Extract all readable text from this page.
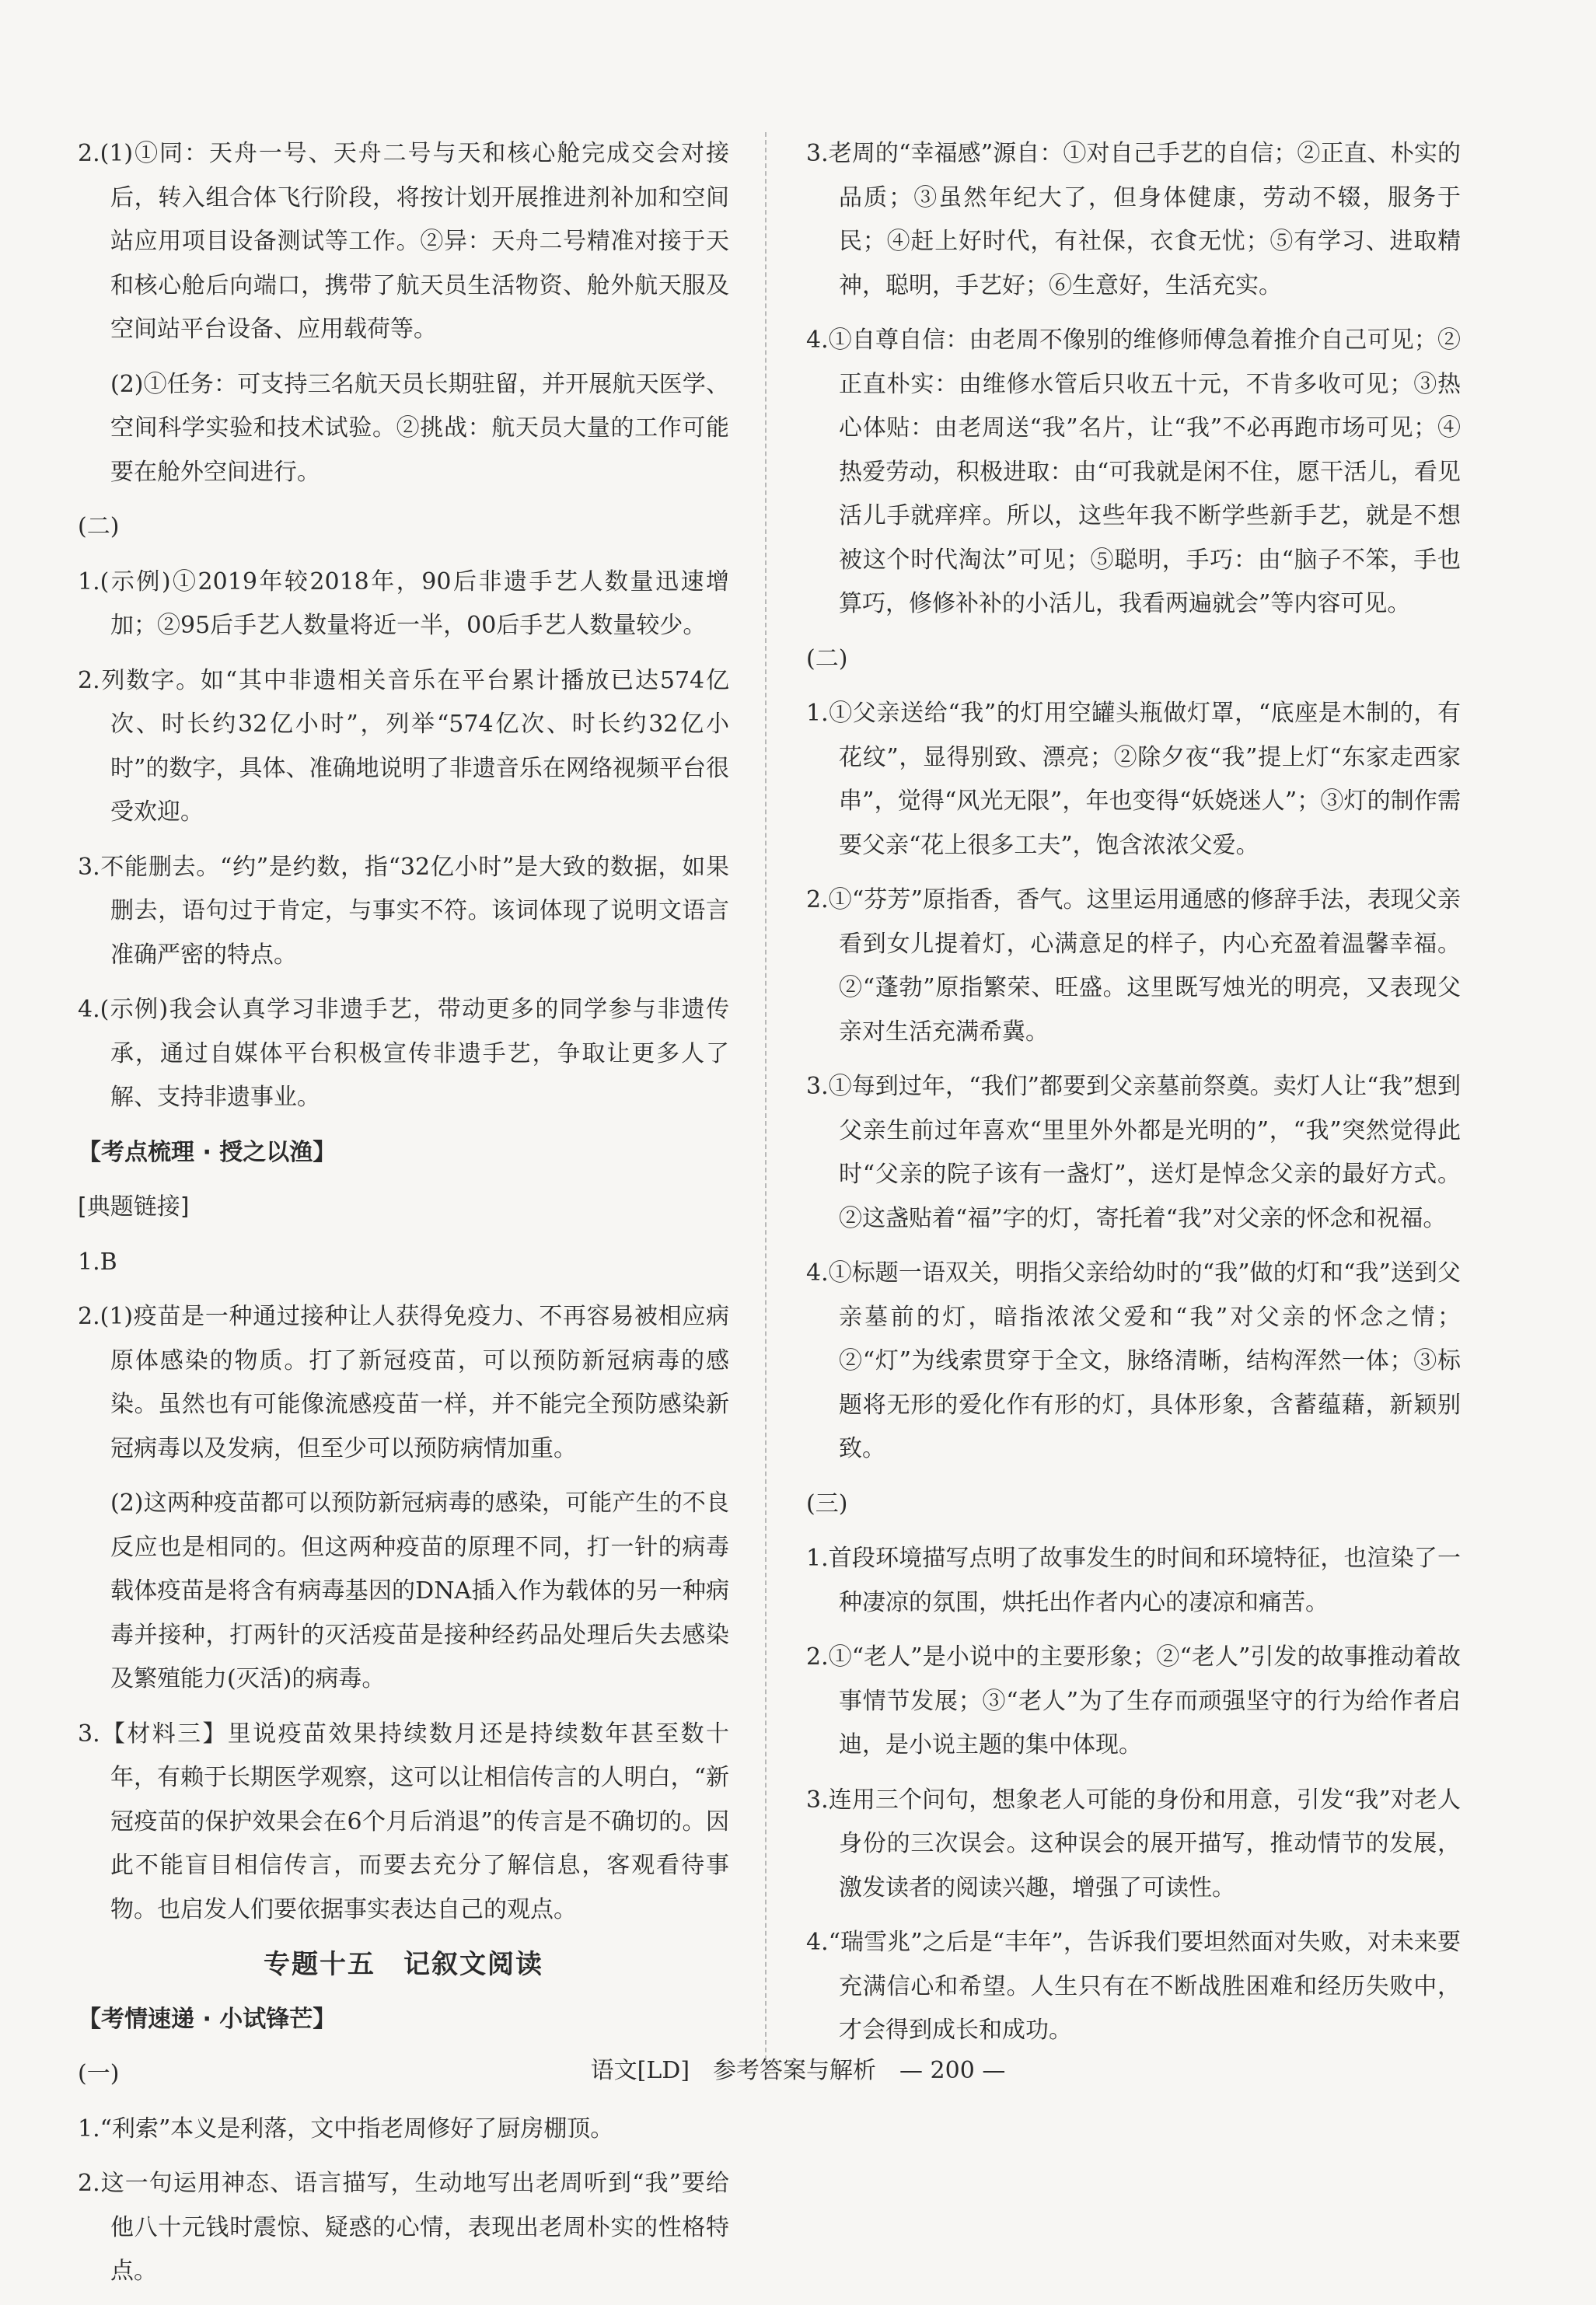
2.(1)①同：天舟一号、天舟二号与天和核心舱完成交会对接后，转入组合体飞行阶段，将按计划开展推进剂补加和空间站应用项目设备测试等工作。②异：天舟二号精准对接于天和核心舱后向端口，携带了航天员生活物资、舱外航天服及空间站平台设备、应用载荷等。

(2)①任务：可支持三名航天员长期驻留，并开展航天医学、空间科学实验和技术试验。②挑战：航天员大量的工作可能要在舱外空间进行。

(二)

1.(示例)①2019年较2018年，90后非遗手艺人数量迅速增加；②95后手艺人数量将近一半，00后手艺人数量较少。

2.列数字。如“其中非遗相关音乐在平台累计播放已达574亿次、时长约32亿小时”，列举“574亿次、时长约32亿小时”的数字，具体、准确地说明了非遗音乐在网络视频平台很受欢迎。

3.不能删去。“约”是约数，指“32亿小时”是大致的数据，如果删去，语句过于肯定，与事实不符。该词体现了说明文语言准确严密的特点。

4.(示例)我会认真学习非遗手艺，带动更多的同学参与非遗传承，通过自媒体平台积极宣传非遗手艺，争取让更多人了解、支持非遗事业。

【考点梳理 · 授之以渔】

[典题链接]

1.B

2.(1)疫苗是一种通过接种让人获得免疫力、不再容易被相应病原体感染的物质。打了新冠疫苗，可以预防新冠病毒的感染。虽然也有可能像流感疫苗一样，并不能完全预防感染新冠病毒以及发病，但至少可以预防病情加重。

(2)这两种疫苗都可以预防新冠病毒的感染，可能产生的不良反应也是相同的。但这两种疫苗的原理不同，打一针的病毒载体疫苗是将含有病毒基因的DNA插入作为载体的另一种病毒并接种，打两针的灭活疫苗是接种经药品处理后失去感染及繁殖能力(灭活)的病毒。

3.【材料三】里说疫苗效果持续数月还是持续数年甚至数十年，有赖于长期医学观察，这可以让相信传言的人明白，“新冠疫苗的保护效果会在6个月后消退”的传言是不确切的。因此不能盲目相信传言，而要去充分了解信息，客观看待事物。也启发人们要依据事实表达自己的观点。

专题十五　记叙文阅读

【考情速递 · 小试锋芒】

(一)

1.“利索”本义是利落，文中指老周修好了厨房棚顶。

2.这一句运用神态、语言描写，生动地写出老周听到“我”要给他八十元钱时震惊、疑惑的心情，表现出老周朴实的性格特点。

3.老周的“幸福感”源自：①对自己手艺的自信；②正直、朴实的品质；③虽然年纪大了，但身体健康，劳动不辍，服务于民；④赶上好时代，有社保，衣食无忧；⑤有学习、进取精神，聪明，手艺好；⑥生意好，生活充实。

4.①自尊自信：由老周不像别的维修师傅急着推介自己可见；②正直朴实：由维修水管后只收五十元，不肯多收可见；③热心体贴：由老周送“我”名片，让“我”不必再跑市场可见；④热爱劳动，积极进取：由“可我就是闲不住，愿干活儿，看见活儿手就痒痒。所以，这些年我不断学些新手艺，就是不想被这个时代淘汰”可见；⑤聪明，手巧：由“脑子不笨，手也算巧，修修补补的小活儿，我看两遍就会”等内容可见。

(二)

1.①父亲送给“我”的灯用空罐头瓶做灯罩，“底座是木制的，有花纹”，显得别致、漂亮；②除夕夜“我”提上灯“东家走西家串”，觉得“风光无限”，年也变得“妖娆迷人”；③灯的制作需要父亲“花上很多工夫”，饱含浓浓父爱。

2.①“芬芳”原指香，香气。这里运用通感的修辞手法，表现父亲看到女儿提着灯，心满意足的样子，内心充盈着温馨幸福。②“蓬勃”原指繁荣、旺盛。这里既写烛光的明亮，又表现父亲对生活充满希冀。

3.①每到过年，“我们”都要到父亲墓前祭奠。卖灯人让“我”想到父亲生前过年喜欢“里里外外都是光明的”，“我”突然觉得此时“父亲的院子该有一盏灯”，送灯是悼念父亲的最好方式。②这盏贴着“福”字的灯，寄托着“我”对父亲的怀念和祝福。

4.①标题一语双关，明指父亲给幼时的“我”做的灯和“我”送到父亲墓前的灯，暗指浓浓父爱和“我”对父亲的怀念之情；②“灯”为线索贯穿于全文，脉络清晰，结构浑然一体；③标题将无形的爱化作有形的灯，具体形象，含蓄蕴藉，新颖别致。

(三)

1.首段环境描写点明了故事发生的时间和环境特征，也渲染了一种凄凉的氛围，烘托出作者内心的凄凉和痛苦。

2.①“老人”是小说中的主要形象；②“老人”引发的故事推动着故事情节发展；③“老人”为了生存而顽强坚守的行为给作者启迪，是小说主题的集中体现。

3.连用三个问句，想象老人可能的身份和用意，引发“我”对老人身份的三次误会。这种误会的展开描写，推动情节的发展，激发读者的阅读兴趣，增强了可读性。

4.“瑞雪兆”之后是“丰年”，告诉我们要坦然面对失败，对未来要充满信心和希望。人生只有在不断战胜困难和经历失败中，才会得到成长和成功。

语文[LD]　参考答案与解析　— 200 —
